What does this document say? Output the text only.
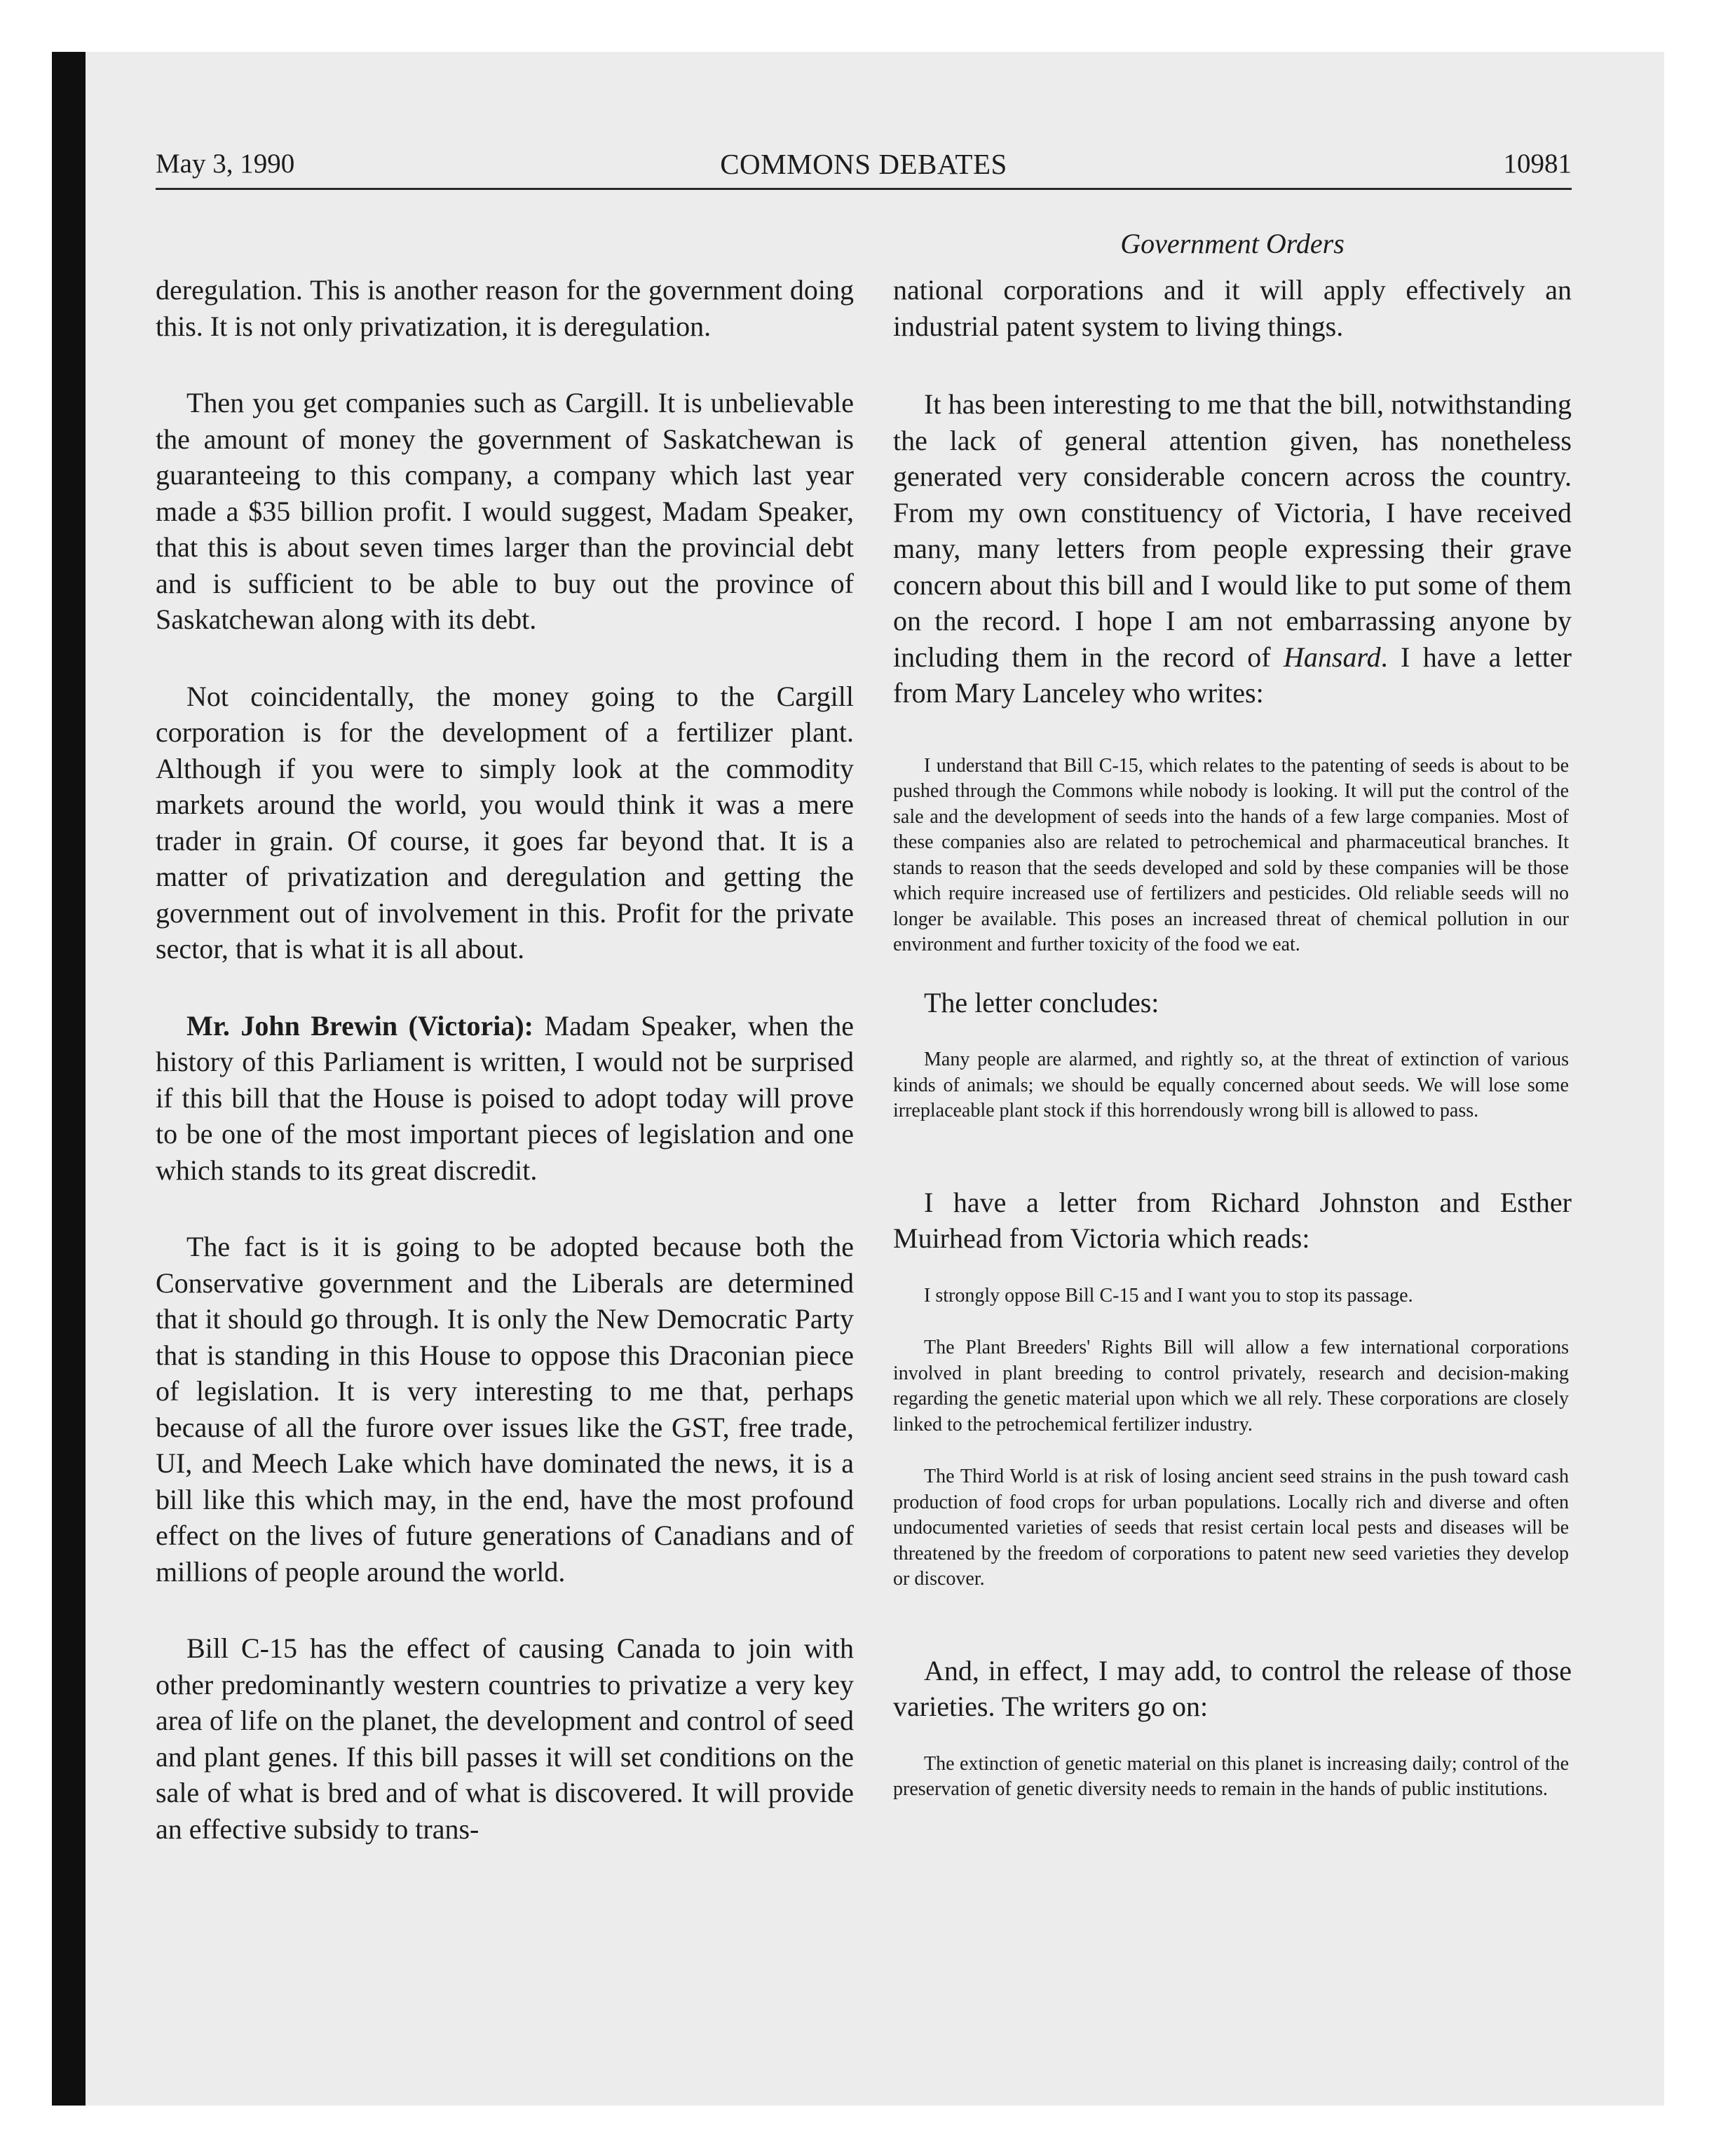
May 3, 1990	COMMONS DEBATES	10981
Government Orders

deregulation. This is another reason for the government doing this. It is not only privatization, it is deregulation.

Then you get companies such as Cargill. It is unbelievable the amount of money the government of Saskatchewan is guaranteeing to this company, a company which last year made a $35 billion profit. I would suggest, Madam Speaker, that this is about seven times larger than the provincial debt and is sufficient to be able to buy out the province of Saskatchewan along with its debt.

Not coincidentally, the money going to the Cargill corporation is for the development of a fertilizer plant. Although if you were to simply look at the commodity markets around the world, you would think it was a mere trader in grain. Of course, it goes far beyond that. It is a matter of privatization and deregulation and getting the government out of involvement in this. Profit for the private sector, that is what it is all about.

Mr. John Brewin (Victoria): Madam Speaker, when the history of this Parliament is written, I would not be surprised if this bill that the House is poised to adopt today will prove to be one of the most important pieces of legislation and one which stands to its great discredit.

The fact is it is going to be adopted because both the Conservative government and the Liberals are determined that it should go through. It is only the New Democratic Party that is standing in this House to oppose this Draconian piece of legislation. It is very interesting to me that, perhaps because of all the furore over issues like the GST, free trade, UI, and Meech Lake which have dominated the news, it is a bill like this which may, in the end, have the most profound effect on the lives of future generations of Canadians and of millions of people around the world.

Bill C-15 has the effect of causing Canada to join with other predominantly western countries to privatize a very key area of life on the planet, the development and control of seed and plant genes. If this bill passes it will set conditions on the sale of what is bred and of what is discovered. It will provide an effective subsidy to trans-

national corporations and it will apply effectively an industrial patent system to living things.

It has been interesting to me that the bill, notwithstanding the lack of general attention given, has nonetheless generated very considerable concern across the country. From my own constituency of Victoria, I have received many, many letters from people expressing their grave concern about this bill and I would like to put some of them on the record. I hope I am not embarrassing anyone by including them in the record of Hansard. I have a letter from Mary Lanceley who writes:

I understand that Bill C-15, which relates to the patenting of seeds is about to be pushed through the Commons while nobody is looking. It will put the control of the sale and the development of seeds into the hands of a few large companies. Most of these companies also are related to petrochemical and pharmaceutical branches. It stands to reason that the seeds developed and sold by these companies will be those which require increased use of fertilizers and pesticides. Old reliable seeds will no longer be available. This poses an increased threat of chemical pollution in our environment and further toxicity of the food we eat.

The letter concludes:

Many people are alarmed, and rightly so, at the threat of extinction of various kinds of animals; we should be equally concerned about seeds. We will lose some irreplaceable plant stock if this horrendously wrong bill is allowed to pass.

I have a letter from Richard Johnston and Esther Muirhead from Victoria which reads:

I strongly oppose Bill C-15 and I want you to stop its passage.

The Plant Breeders' Rights Bill will allow a few international corporations involved in plant breeding to control privately, research and decision-making regarding the genetic material upon which we all rely. These corporations are closely linked to the petrochemical fertilizer industry.

The Third World is at risk of losing ancient seed strains in the push toward cash production of food crops for urban populations. Locally rich and diverse and often undocumented varieties of seeds that resist certain local pests and diseases will be threatened by the freedom of corporations to patent new seed varieties they develop or discover.

And, in effect, I may add, to control the release of those varieties. The writers go on:

The extinction of genetic material on this planet is increasing daily; control of the preservation of genetic diversity needs to remain in the hands of public institutions.
